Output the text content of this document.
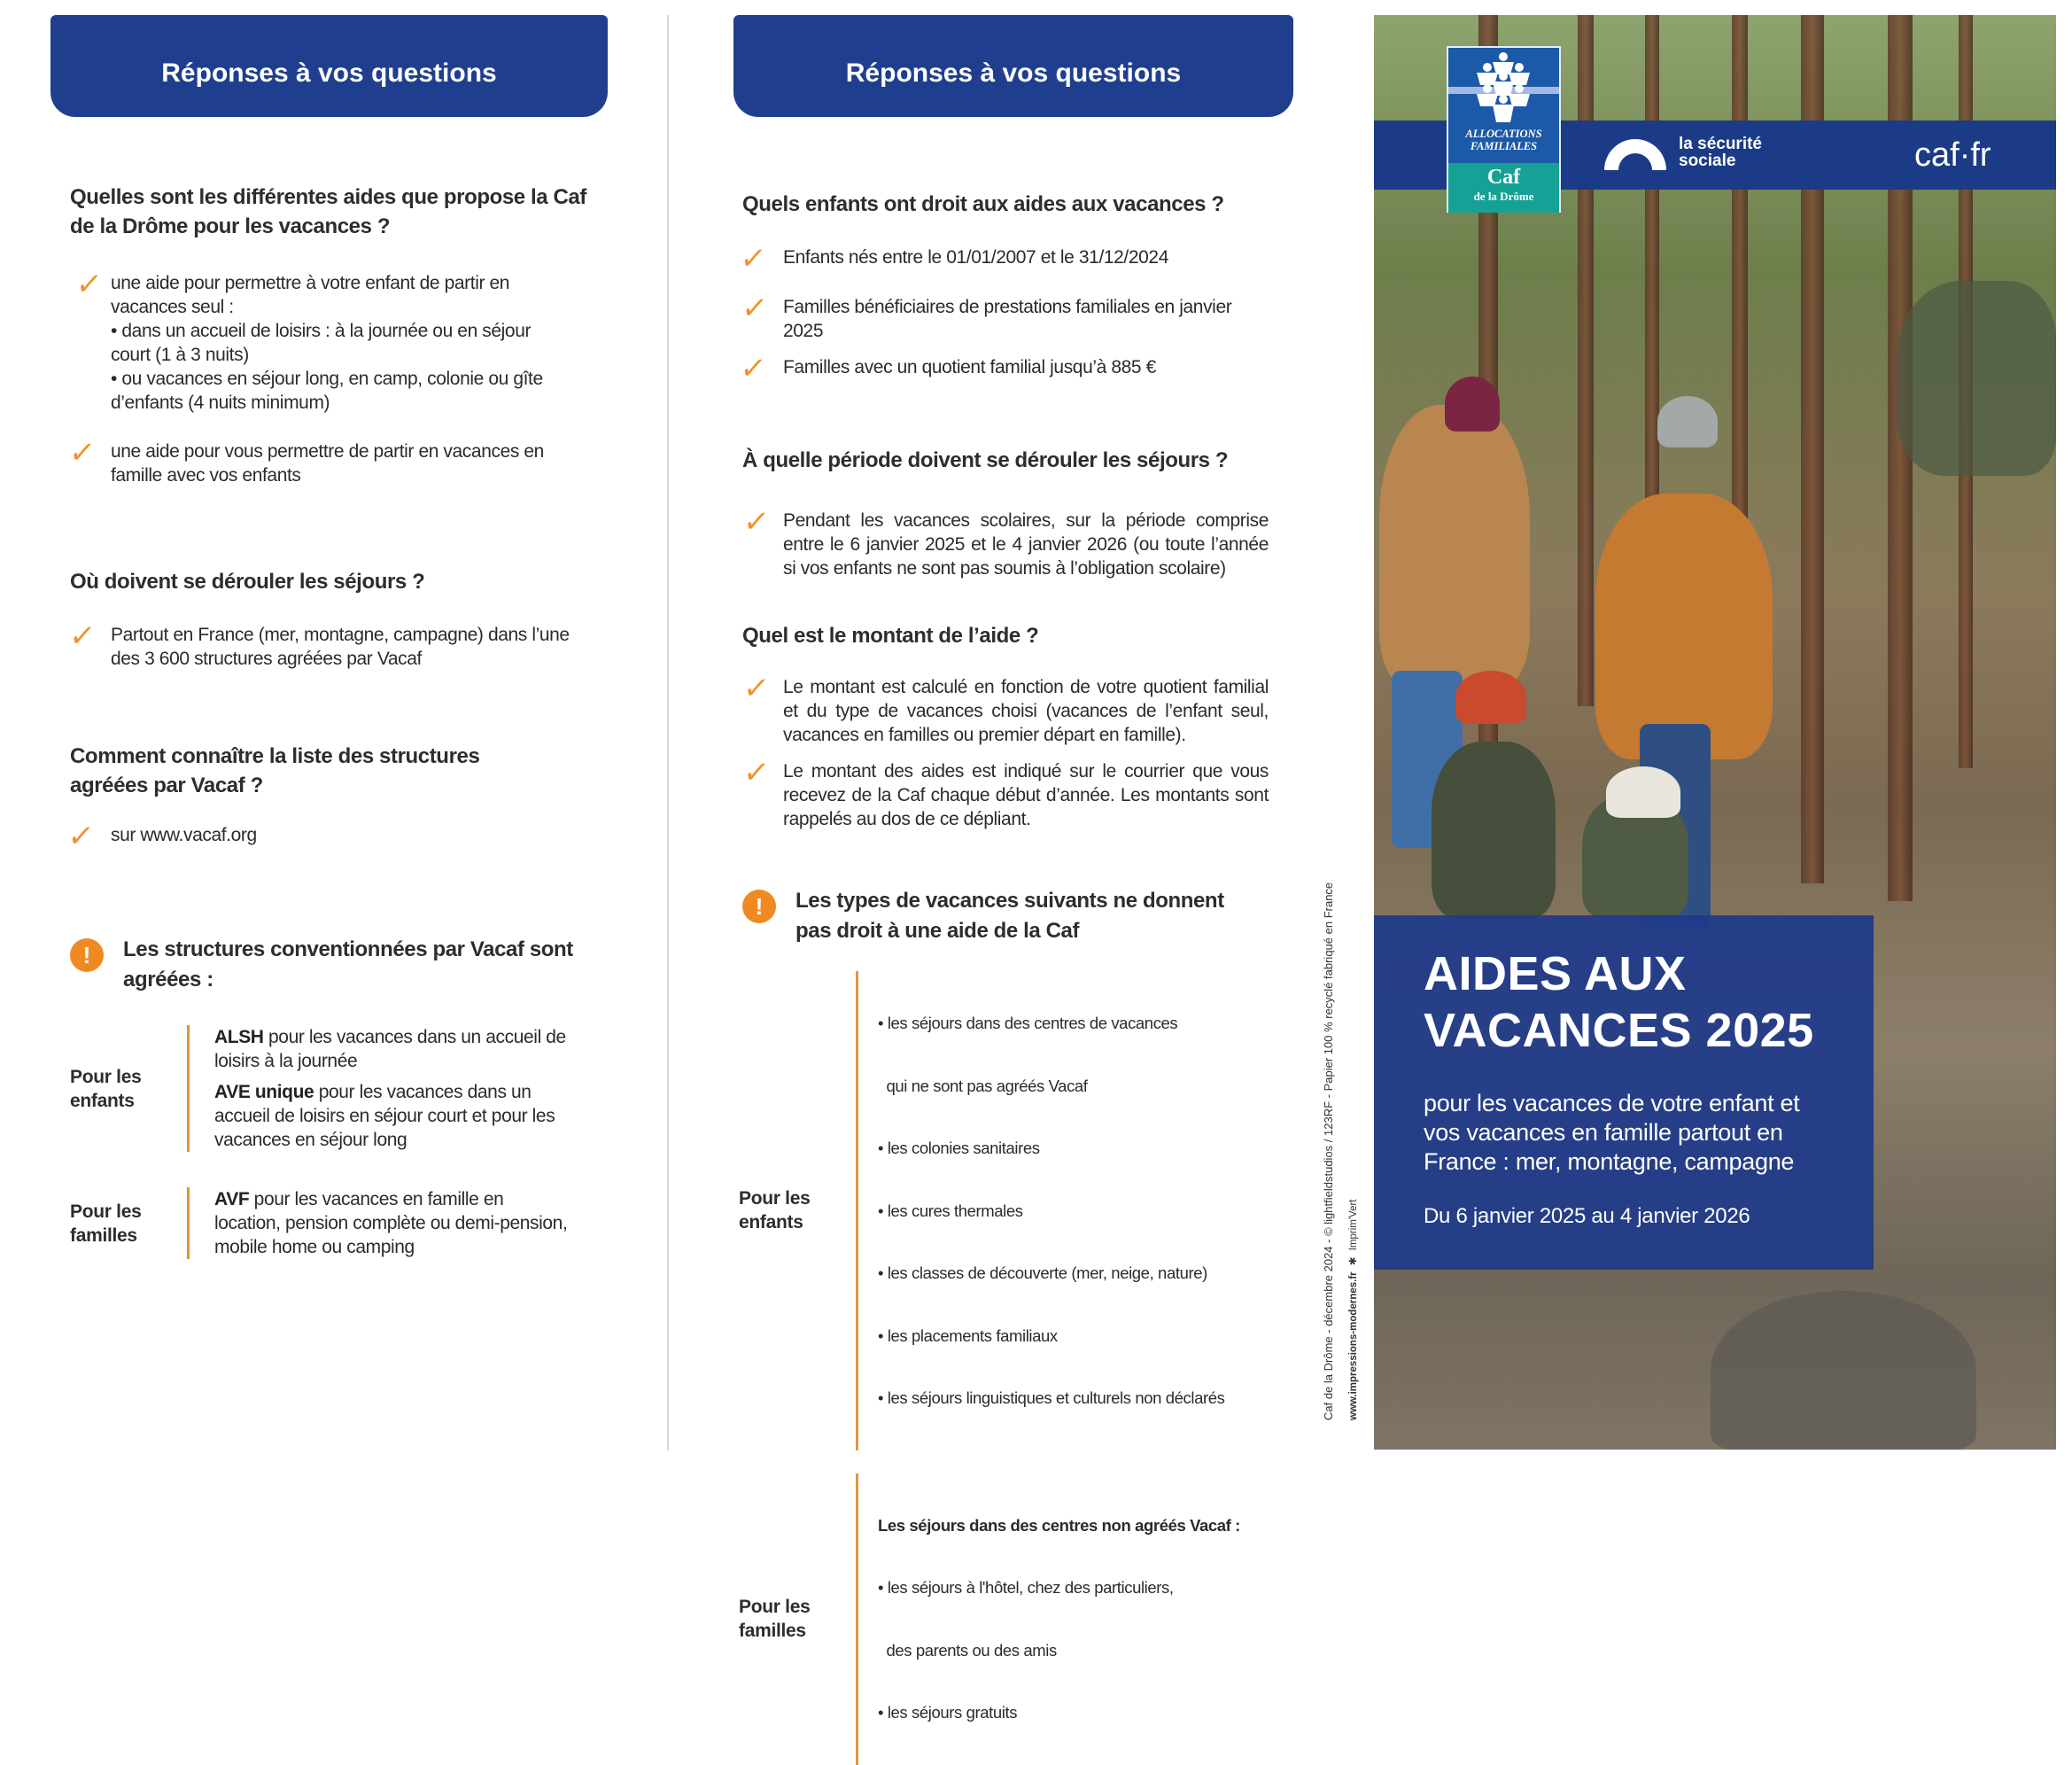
Réponses à vos questions
Quelles sont les différentes aides que propose la Caf de la Drôme pour les vacances ?
✓ une aide pour permettre à votre enfant de partir en vacances seul :
• dans un accueil de loisirs : à la journée ou en séjour court (1 à 3 nuits)
• ou vacances en séjour long, en camp, colonie ou gîte d’enfants (4 nuits minimum)
✓ une aide pour vous permettre de partir en vacances en famille avec vos enfants
Où doivent se dérouler les séjours ?
✓ Partout en France (mer, montagne, campagne) dans l’une des 3 600 structures agréées par Vacaf
Comment connaître la liste des structures agréées par Vacaf ?
✓ sur www.vacaf.org
!	Les structures conventionnées par Vacaf sont agréées :
Pour les enfants
ALSH pour les vacances dans un accueil de loisirs à la journée
AVE unique pour les vacances dans un accueil de loisirs en séjour court et pour les vacances en séjour long
Pour les familles
AVF pour les vacances en famille en location, pension complète ou demi-pension, mobile home ou camping
Réponses à vos questions
Quels enfants ont droit aux aides aux vacances ?
✓ Enfants nés entre le 01/01/2007 et le 31/12/2024
✓ Familles bénéficiaires de prestations familiales en janvier 2025
✓ Familles avec un quotient familial jusqu’à 885 €
À quelle période doivent se dérouler les séjours ?
✓ Pendant les vacances scolaires, sur la période comprise entre le 6 janvier 2025 et le 4 janvier 2026 (ou toute l’année si vos enfants ne sont pas soumis à l’obligation scolaire)
Quel est le montant de l’aide ?
✓ Le montant est calculé en fonction de votre quotient familial et du type de vacances choisi (vacances de l’enfant seul, vacances en familles ou premier départ en famille).
✓ Le montant des aides est indiqué sur le courrier que vous recevez de la Caf chaque début d’année. Les montants sont rappelés au dos de ce dépliant.
!	Les types de vacances suivants ne donnent pas droit à une aide de la Caf
Pour les enfants

• les séjours dans des centres de vacances

qui ne sont pas agréés Vacaf

• les colonies sanitaires

• les cures thermales

• les classes de découverte (mer, neige, nature)

• les placements familiaux

• les séjours linguistiques et culturels non déclarés

Pour les familles

Les séjours dans des centres non agréés Vacaf :

• les séjours à l'hôtel, chez des particuliers,

des parents ou des amis

• les séjours gratuits

Caf de la Drôme - décembre 2024 - © lightfieldstudios / 123RF - Papier 100 % recyclé fabriqué en France www.impressions-modernes.fr ✱ Imprim'Vert
ALLOCATIONS
FAMILIALES
Caf
de la Drôme
la sécurité
sociale	caf·fr
AIDES AUX
VACANCES 2025
pour les vacances de votre enfant et vos vacances en famille partout en France : mer, montagne, campagne
Du 6 janvier 2025 au 4 janvier 2026
